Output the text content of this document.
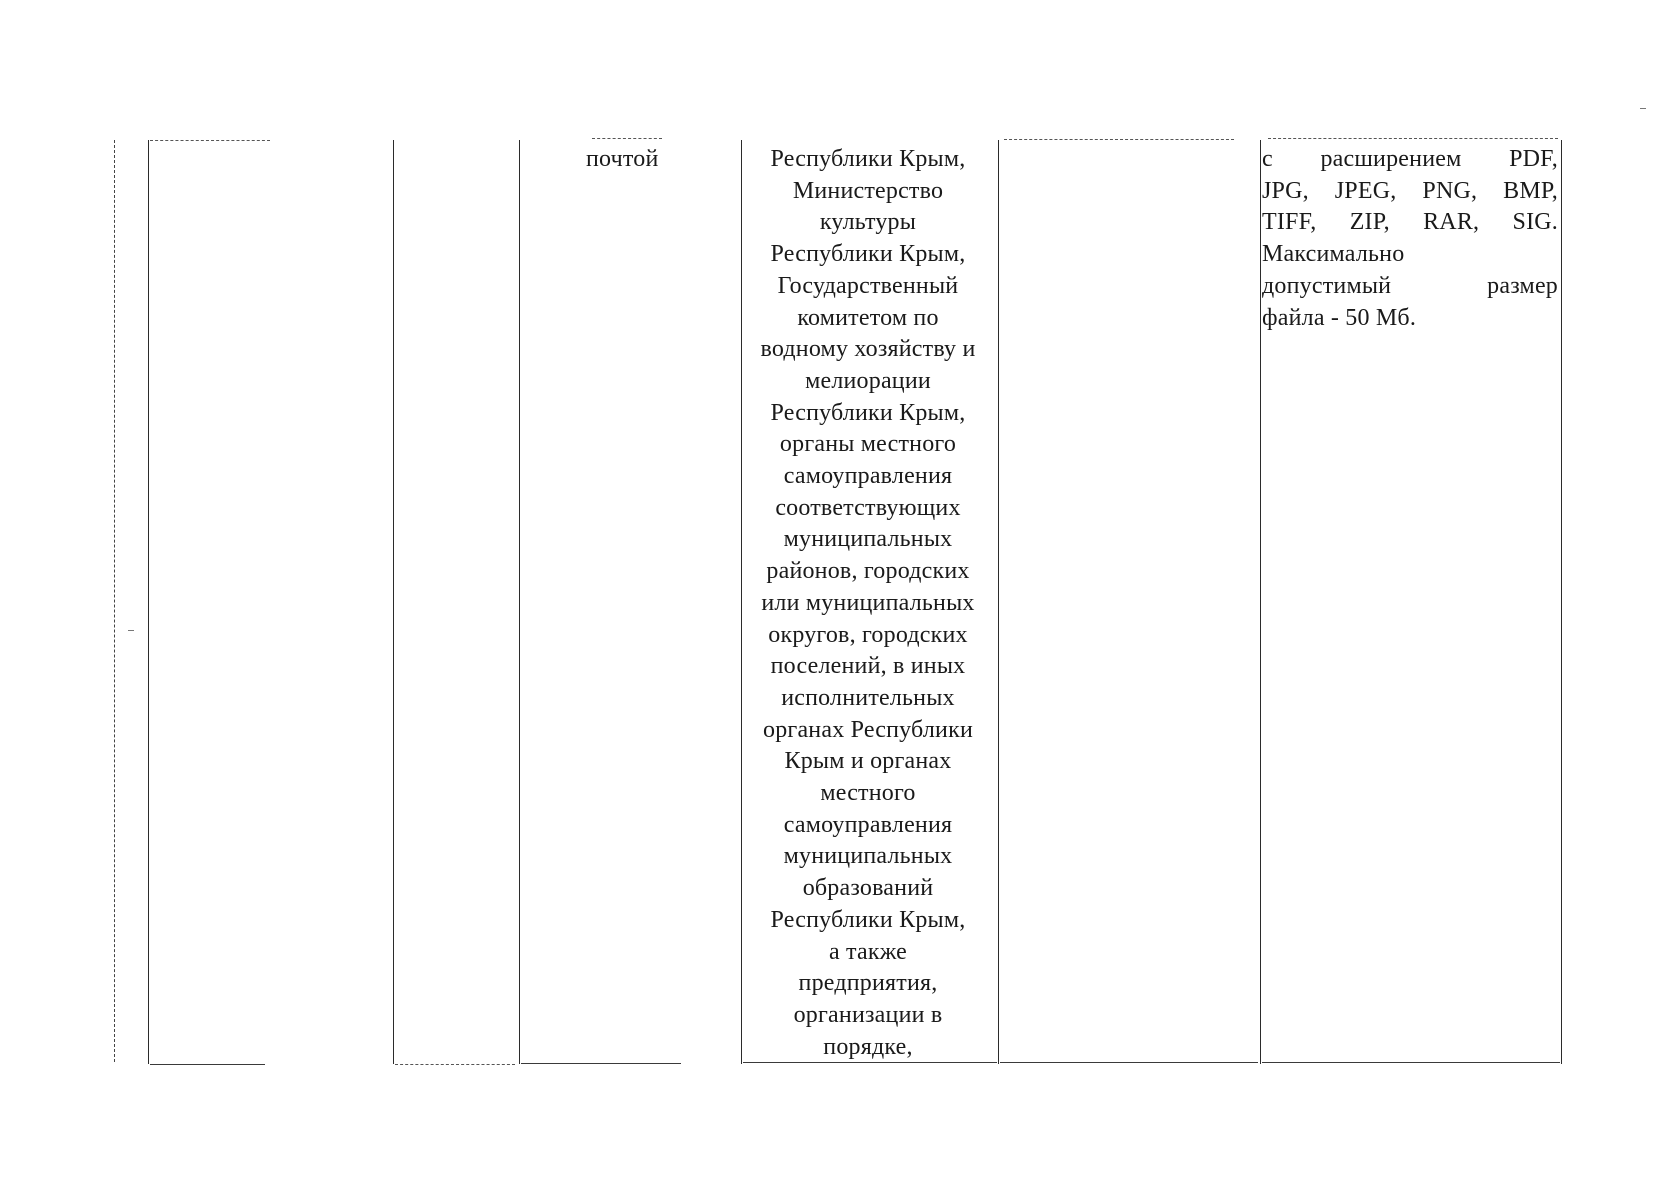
почтой	Республики Крым,
Министерство
культуры
Республики Крым,
Государственный
комитетом по
водному хозяйству и
мелиорации
Республики Крым,
органы местного
самоуправления
соответствующих
муниципальных
районов, городских
или муниципальных
округов, городских
поселений, в иных
исполнительных
органах Республики
Крым и органах
местного
самоуправления
муниципальных
образований
Республики Крым,
а также
предприятия,
организации в
порядке,
с расширением PDF,
JPG, JPEG, PNG, BMP,
TIFF, ZIP, RAR, SIG.
Максимально
допустимый размер
файла - 50 Мб.
